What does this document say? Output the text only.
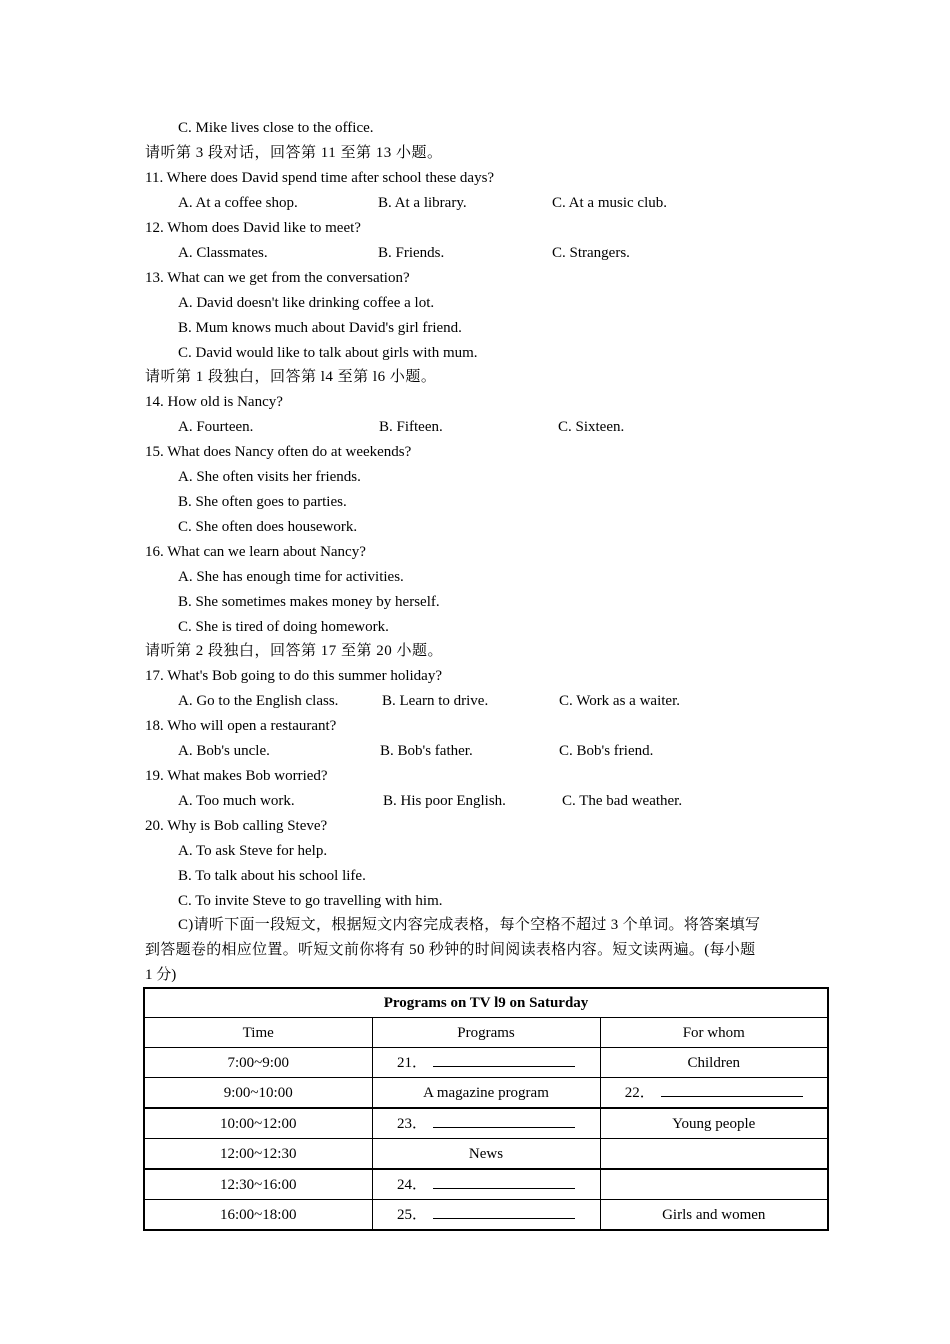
C. Mike lives close to the office.
请听第 3 段对话，回答第 11 至第 13 小题。
11. Where does David spend time after school these days?
A. At a coffee shop.	B. At a library.	C. At a music club.
12. Whom does David like to meet?
A. Classmates.	B. Friends.	C. Strangers.
13. What can we get from the conversation?
A. David doesn't like drinking coffee a lot.
B. Mum knows much about David's girl friend.
C. David would like to talk about girls with mum.
请听第 1 段独白，回答第 l4 至第 l6 小题。
14. How old is Nancy?
A. Fourteen.	B. Fifteen.	C. Sixteen.
15. What does Nancy often do at weekends?
A. She often visits her friends.
B. She often goes to parties.
C. She often does housework.
16. What can we learn about Nancy?
A. She has enough time for activities.
B. She sometimes makes money by herself.
C. She is tired of doing homework.
请听第 2 段独白，回答第 17 至第 20 小题。
17. What's Bob going to do this summer holiday?
A. Go to the English class.	B. Learn to drive.	C. Work as a waiter.
18. Who will open a restaurant?
A. Bob's uncle.	B. Bob's father.	C. Bob's friend.
19. What makes Bob worried?
A. Too much work.	B. His poor English.	C. The bad weather.
20. Why is Bob calling Steve?
A. To ask Steve for help.
B. To talk about his school life.
C. To invite Steve to go travelling with him.
C)请听下面一段短文，根据短文内容完成表格，每个空格不超过 3 个单词。将答案填写
到答题卷的相应位置。听短文前你将有 50 秒钟的时间阅读表格内容。短文读两遍。(每小题
1 分)
Programs on TV l9 on Saturday		
Time	Programs	For whom
7:00~9:00	21．	Children
9:00~10:00	A magazine program	22．
10:00~12:00	23．	Young people
12:00~12:30	News	
12:30~16:00	24．	
16:00~18:00	25．	Girls and women
